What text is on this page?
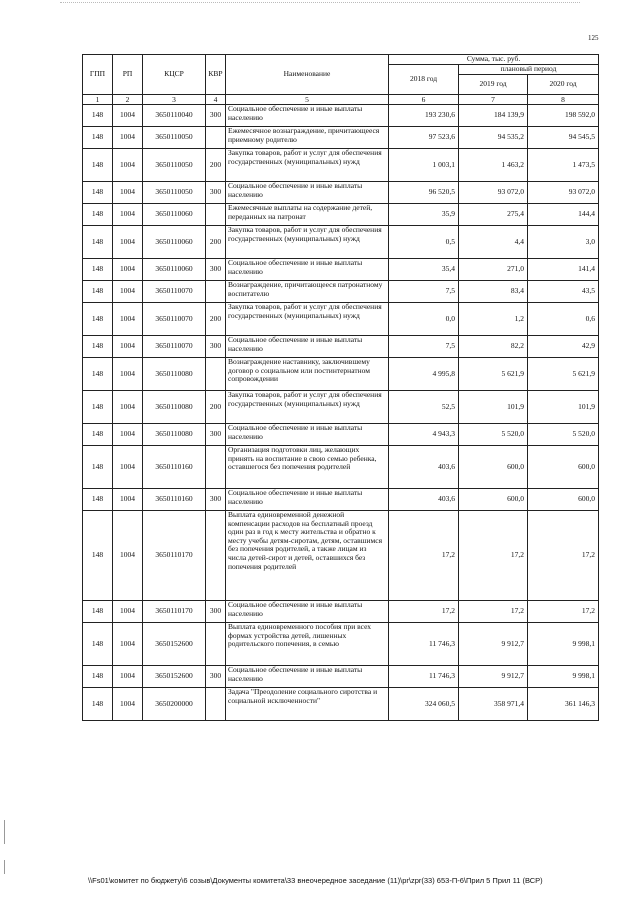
125
ГПП	РП	КЦСР	КВР	Наименование	Сумма, тыс. руб.		
					2018 год	плановый период	
						2019 год	2020 год
1	2	3	4	5	6	7	8
148	1004	3650110040	300	Социальное обеспечение и иные выплаты населению	193 230,6	184 139,9	198 592,0
148	1004	3650110050		Ежемесячное вознаграждение, причитающееся приемному родителю	97 523,6	94 535,2	94 545,5
148	1004	3650110050	200	Закупка товаров, работ и услуг для обеспечения государственных (муниципальных) нужд	1 003,1	1 463,2	1 473,5
148	1004	3650110050	300	Социальное обеспечение и иные выплаты населению	96 520,5	93 072,0	93 072,0
148	1004	3650110060		Ежемесячные выплаты на содержание детей, переданных на патронат	35,9	275,4	144,4
148	1004	3650110060	200	Закупка товаров, работ и услуг для обеспечения государственных (муниципальных) нужд	0,5	4,4	3,0
148	1004	3650110060	300	Социальное обеспечение и иные выплаты населению	35,4	271,0	141,4
148	1004	3650110070		Вознаграждение, причитающееся патронатному воспитателю	7,5	83,4	43,5
148	1004	3650110070	200	Закупка товаров, работ и услуг для обеспечения государственных (муниципальных) нужд	0,0	1,2	0,6
148	1004	3650110070	300	Социальное обеспечение и иные выплаты населению	7,5	82,2	42,9
148	1004	3650110080		Вознаграждение наставнику, заключившему договор о социальном или постинтернатном сопровождении	4 995,8	5 621,9	5 621,9
148	1004	3650110080	200	Закупка товаров, работ и услуг для обеспечения государственных (муниципальных) нужд	52,5	101,9	101,9
148	1004	3650110080	300	Социальное обеспечение и иные выплаты населению	4 943,3	5 520,0	5 520,0
148	1004	3650110160		Организация подготовки лиц, желающих принять на воспитание в свою семью ребенка, оставшегося без попечения родителей	403,6	600,0	600,0
148	1004	3650110160	300	Социальное обеспечение и иные выплаты населению	403,6	600,0	600,0
148	1004	3650110170		Выплата единовременной денежной компенсации расходов на бесплатный проезд один раз в год к месту жительства и обратно к месту учебы детям-сиротам, детям, оставшимся без попечения родителей, а также лицам из числа детей-сирот и детей, оставшихся без попечения родителей	17,2	17,2	17,2
148	1004	3650110170	300	Социальное обеспечение и иные выплаты населению	17,2	17,2	17,2
148	1004	3650152600		Выплата единовременного пособия при всех формах устройства детей, лишенных родительского попечения, в семью	11 746,3	9 912,7	9 998,1
148	1004	3650152600	300	Социальное обеспечение и иные выплаты населению	11 746,3	9 912,7	9 998,1
148	1004	3650200000		Задача "Преодоление социального сиротства и социальной исключенности"	324 060,5	358 971,4	361 146,3
\\Fs01\комитет по бюджету\6 созыв\Документы комитета\33 внеочередное заседание (11)\pr\zpr(33) 653-П-6\Прил 5 Прил 11 (ВСР)
